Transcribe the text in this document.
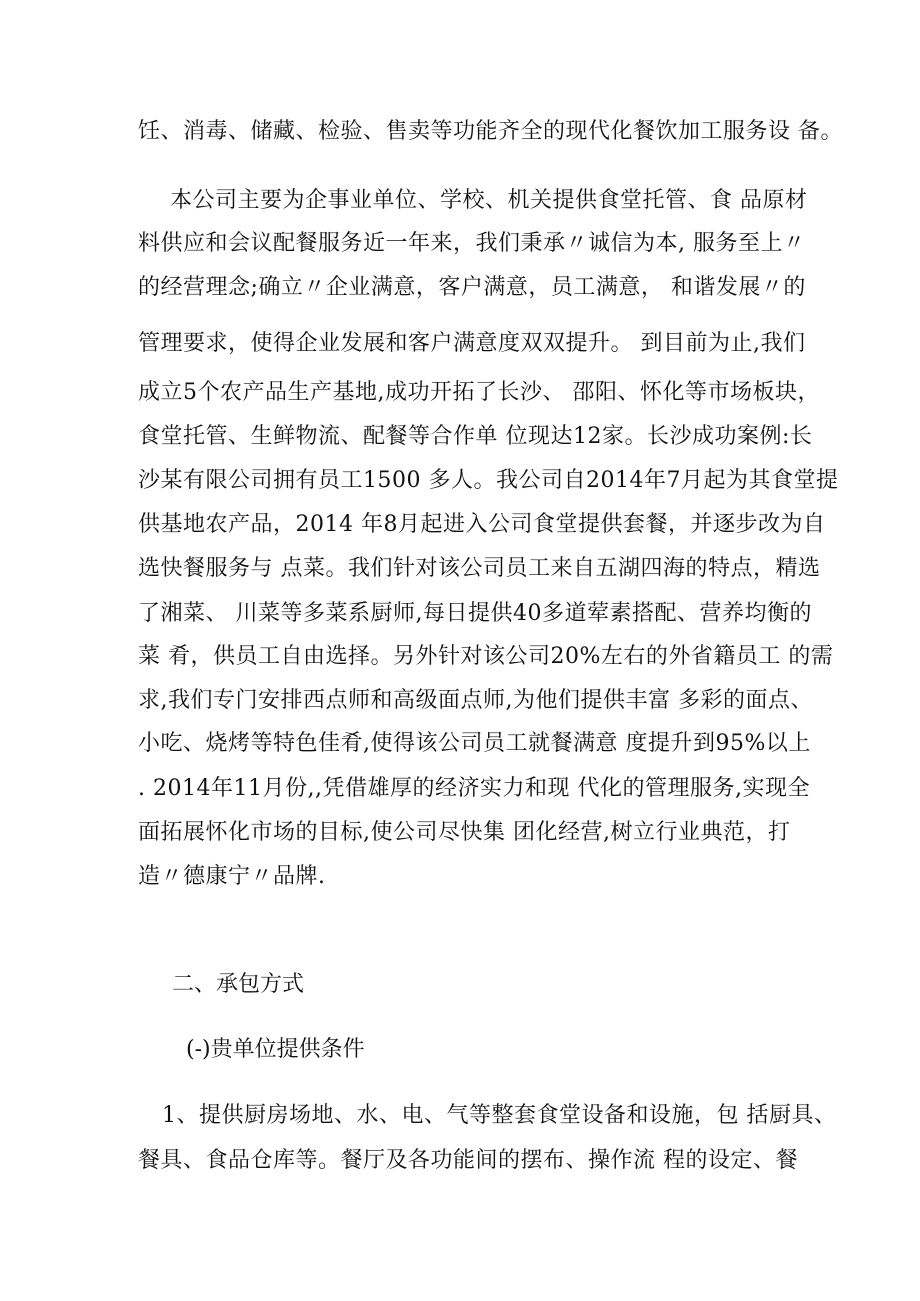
饪、消毒、储藏、检验、售卖等功能齐全的现代化餐饮加工服务设 备。
本公司主要为企事业单位、学校、机关提供食堂托管、食 品原材
料供应和会议配餐服务近一年来，我们秉承〃诚信为本, 服务至上〃
的经营理念;确立〃企业满意，客户满意，员工满意， 和谐发展〃的
管理要求，使得企业发展和客户满意度双双提升。 到目前为止,我们
成立5个农产品生产基地,成功开拓了长沙、 邵阳、怀化等市场板块，
食堂托管、生鲜物流、配餐等合作单 位现达12家。长沙成功案例:长
沙某有限公司拥有员工1500 多人。我公司自2014年7月起为其食堂提
供基地农产品，2014 年8月起进入公司食堂提供套餐，并逐步改为自
选快餐服务与 点菜。我们针对该公司员工来自五湖四海的特点，精选
了湘菜、 川菜等多菜系厨师,每日提供40多道荤素搭配、营养均衡的
菜 肴，供员工自由选择。另外针对该公司20%左右的外省籍员工 的需
求,我们专门安排西点师和高级面点师,为他们提供丰富 多彩的面点、
小吃、烧烤等特色佳肴,使得该公司员工就餐满意 度提升到95%以上
. 2014年11月份,,凭借雄厚的经济实力和现 代化的管理服务,实现全
面拓展怀化市场的目标,使公司尽快集 团化经营,树立行业典范，打
造〃德康宁〃品牌.
二、承包方式
(-)贵单位提供条件
1、提供厨房场地、水、电、气等整套食堂设备和设施，包 括厨具、
餐具、食品仓库等。餐厅及各功能间的摆布、操作流 程的设定、餐
